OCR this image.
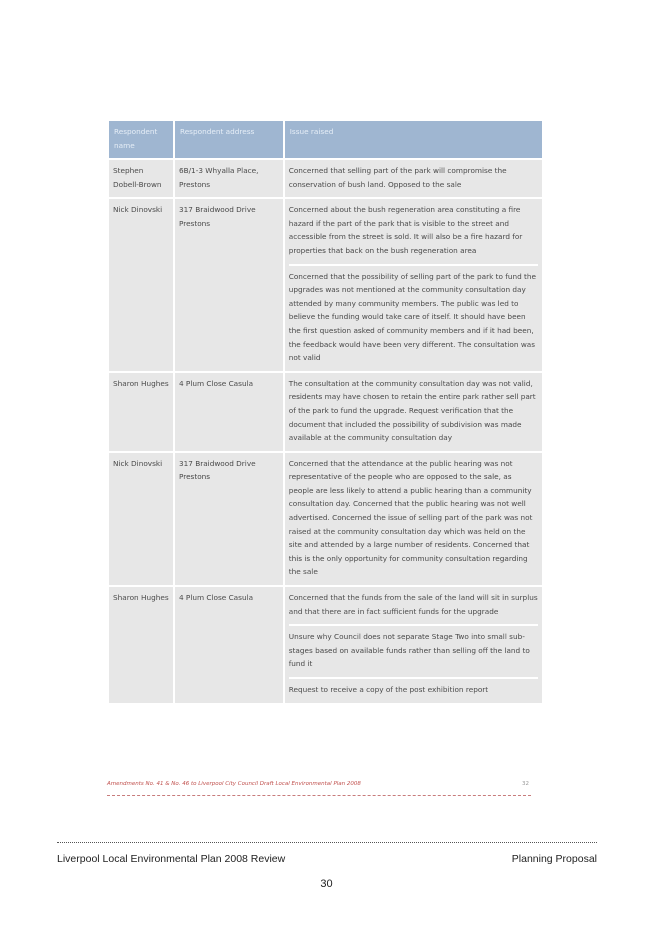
Respondent name	Respondent address	Issue raised

Stephen Dobell-Brown	6B/1-3 Whyalla Place, Prestons	Concerned that selling part of the park will compromise the conservation of bush land. Opposed to the sale

Nick Dinovski	317 Braidwood Drive Prestons	Concerned about the bush regeneration area constituting a fire hazard if the part of the park that is visible to the street and accessible from the street is sold. It will also be a fire hazard for properties that back on the bush regeneration area

Concerned that the possibility of selling part of the park to fund the upgrades was not mentioned at the community consultation day attended by many community members. The public was led to believe the funding would take care of itself. It should have been the first question asked of community members and if it had been, the feedback would have been very different. The consultation was not valid

Sharon Hughes	4 Plum Close Casula	The consultation at the community consultation day was not valid, residents may have chosen to retain the entire park rather sell part of the park to fund the upgrade. Request verification that the document that included the possibility of subdivision was made available at the community consultation day

Nick Dinovski	317 Braidwood Drive Prestons	Concerned that the attendance at the public hearing was not representative of the people who are opposed to the sale, as people are less likely to attend a public hearing than a community consultation day. Concerned that the public hearing was not well advertised. Concerned the issue of selling part of the park was not raised at the community consultation day which was held on the site and attended by a large number of residents. Concerned that this is the only opportunity for community consultation regarding the sale

Sharon Hughes	4 Plum Close Casula	Concerned that the funds from the sale of the land will sit in surplus and that there are in fact sufficient funds for the upgrade

Unsure why Council does not separate Stage Two into small sub-stages based on available funds rather than selling off the land to fund it

Request to receive a copy of the post exhibition report

Amendments No. 41 & No. 46 to Liverpool City Council Draft Local Environmental Plan 2008	32
Liverpool Local Environmental Plan 2008 Review	Planning Proposal
30
